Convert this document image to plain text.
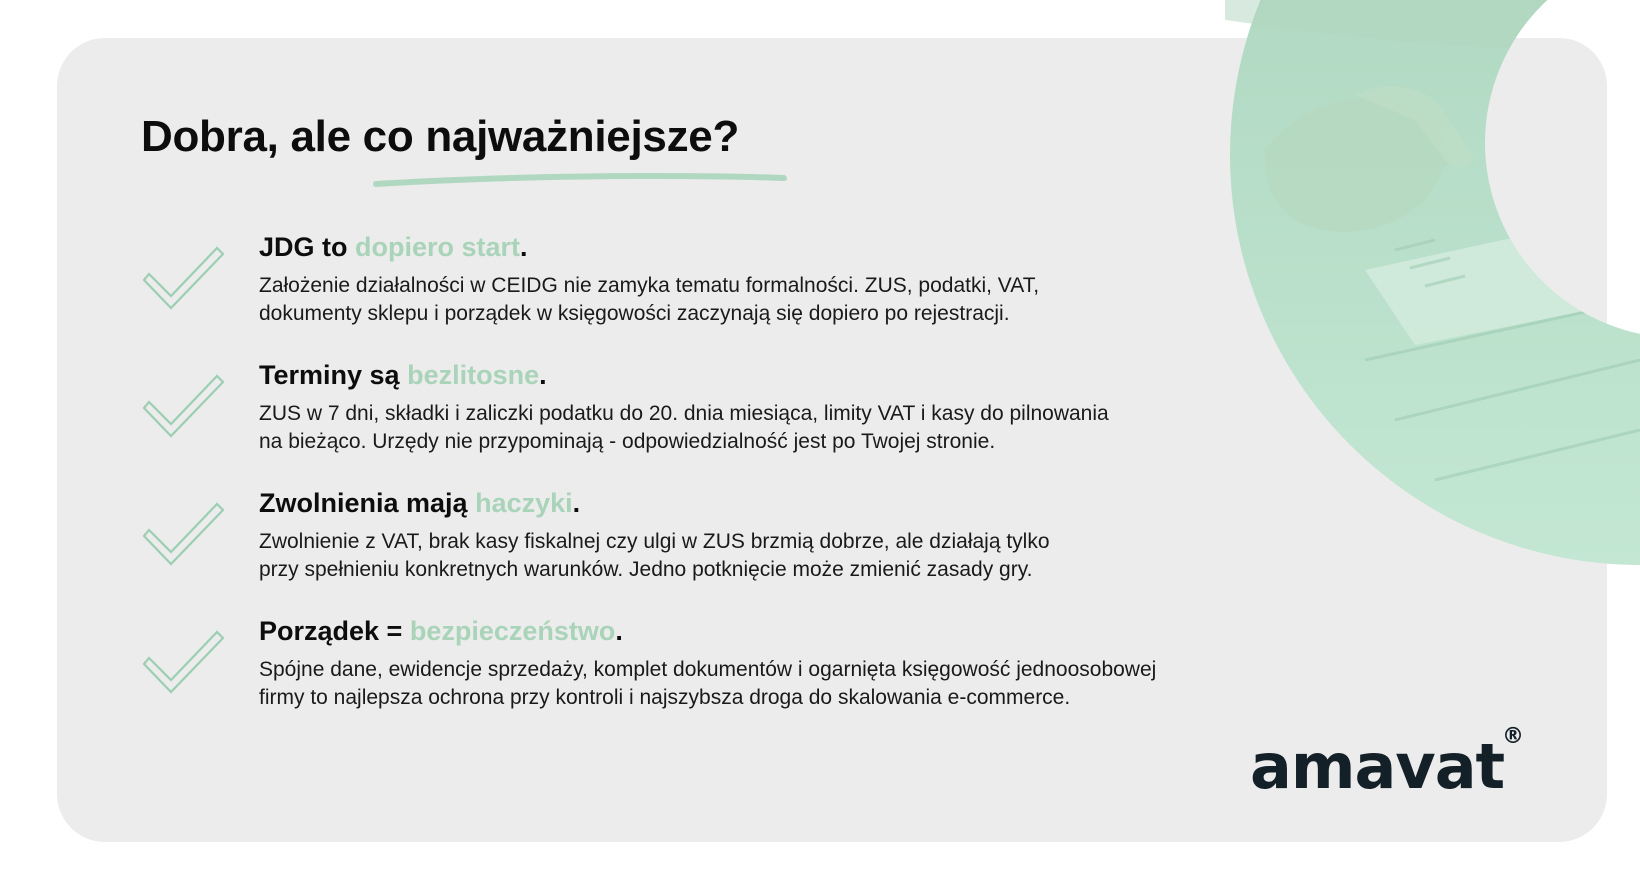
Dobra, ale co najważniejsze?
JDG to dopiero start.

Założenie działalności w CEIDG nie zamyka tematu formalności. ZUS, podatki, VAT,
dokumenty sklepu i porządek w księgowości zaczynają się dopiero po rejestracji.

Terminy są bezlitosne.

ZUS w 7 dni, składki i zaliczki podatku do 20. dnia miesiąca, limity VAT i kasy do pilnowania
na bieżąco. Urzędy nie przypominają - odpowiedzialność jest po Twojej stronie.

Zwolnienia mają haczyki.

Zwolnienie z VAT, brak kasy fiskalnej czy ulgi w ZUS brzmią dobrze, ale działają tylko
przy spełnieniu konkretnych warunków. Jedno potknięcie może zmienić zasady gry.

Porządek = bezpieczeństwo.

Spójne dane, ewidencje sprzedaży, komplet dokumentów i ogarnięta księgowość jednoosobowej
firmy to najlepsza ochrona przy kontroli i najszybsza droga do skalowania e-commerce.

amavat
®
